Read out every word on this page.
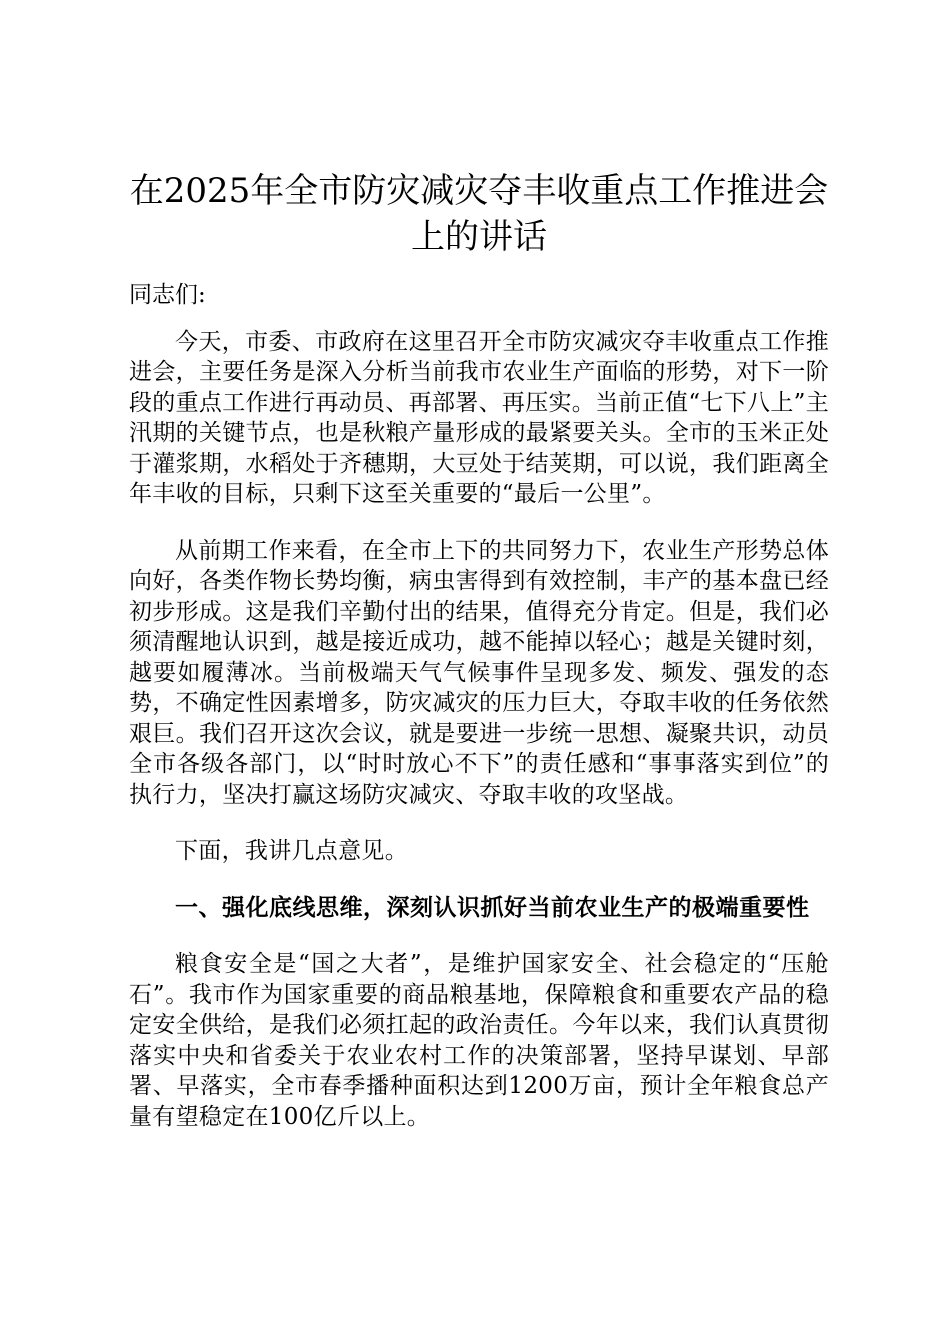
在2025年全市防灾减灾夺丰收重点工作推进会上的讲话

同志们:

今天，市委、市政府在这里召开全市防灾减灾夺丰收重点工作推进会，主要任务是深入分析当前我市农业生产面临的形势，对下一阶段的重点工作进行再动员、再部署、再压实。当前正值“七下八上”主汛期的关键节点，也是秋粮产量形成的最紧要关头。全市的玉米正处于灌浆期，水稻处于齐穗期，大豆处于结荚期，可以说，我们距离全年丰收的目标，只剩下这至关重要的“最后一公里”。

从前期工作来看，在全市上下的共同努力下，农业生产形势总体向好，各类作物长势均衡，病虫害得到有效控制，丰产的基本盘已经初步形成。这是我们辛勤付出的结果，值得充分肯定。但是，我们必须清醒地认识到，越是接近成功，越不能掉以轻心；越是关键时刻，越要如履薄冰。当前极端天气气候事件呈现多发、频发、强发的态势，不确定性因素增多，防灾减灾的压力巨大，夺取丰收的任务依然艰巨。我们召开这次会议，就是要进一步统一思想、凝聚共识，动员全市各级各部门，以“时时放心不下”的责任感和“事事落实到位”的执行力，坚决打赢这场防灾减灾、夺取丰收的攻坚战。

下面，我讲几点意见。

一、强化底线思维，深刻认识抓好当前农业生产的极端重要性

粮食安全是“国之大者”，是维护国家安全、社会稳定的“压舱石”。我市作为国家重要的商品粮基地，保障粮食和重要农产品的稳定安全供给，是我们必须扛起的政治责任。今年以来，我们认真贯彻落实中央和省委关于农业农村工作的决策部署，坚持早谋划、早部署、早落实，全市春季播种面积达到1200万亩，预计全年粮食总产量有望稳定在100亿斤以上。
